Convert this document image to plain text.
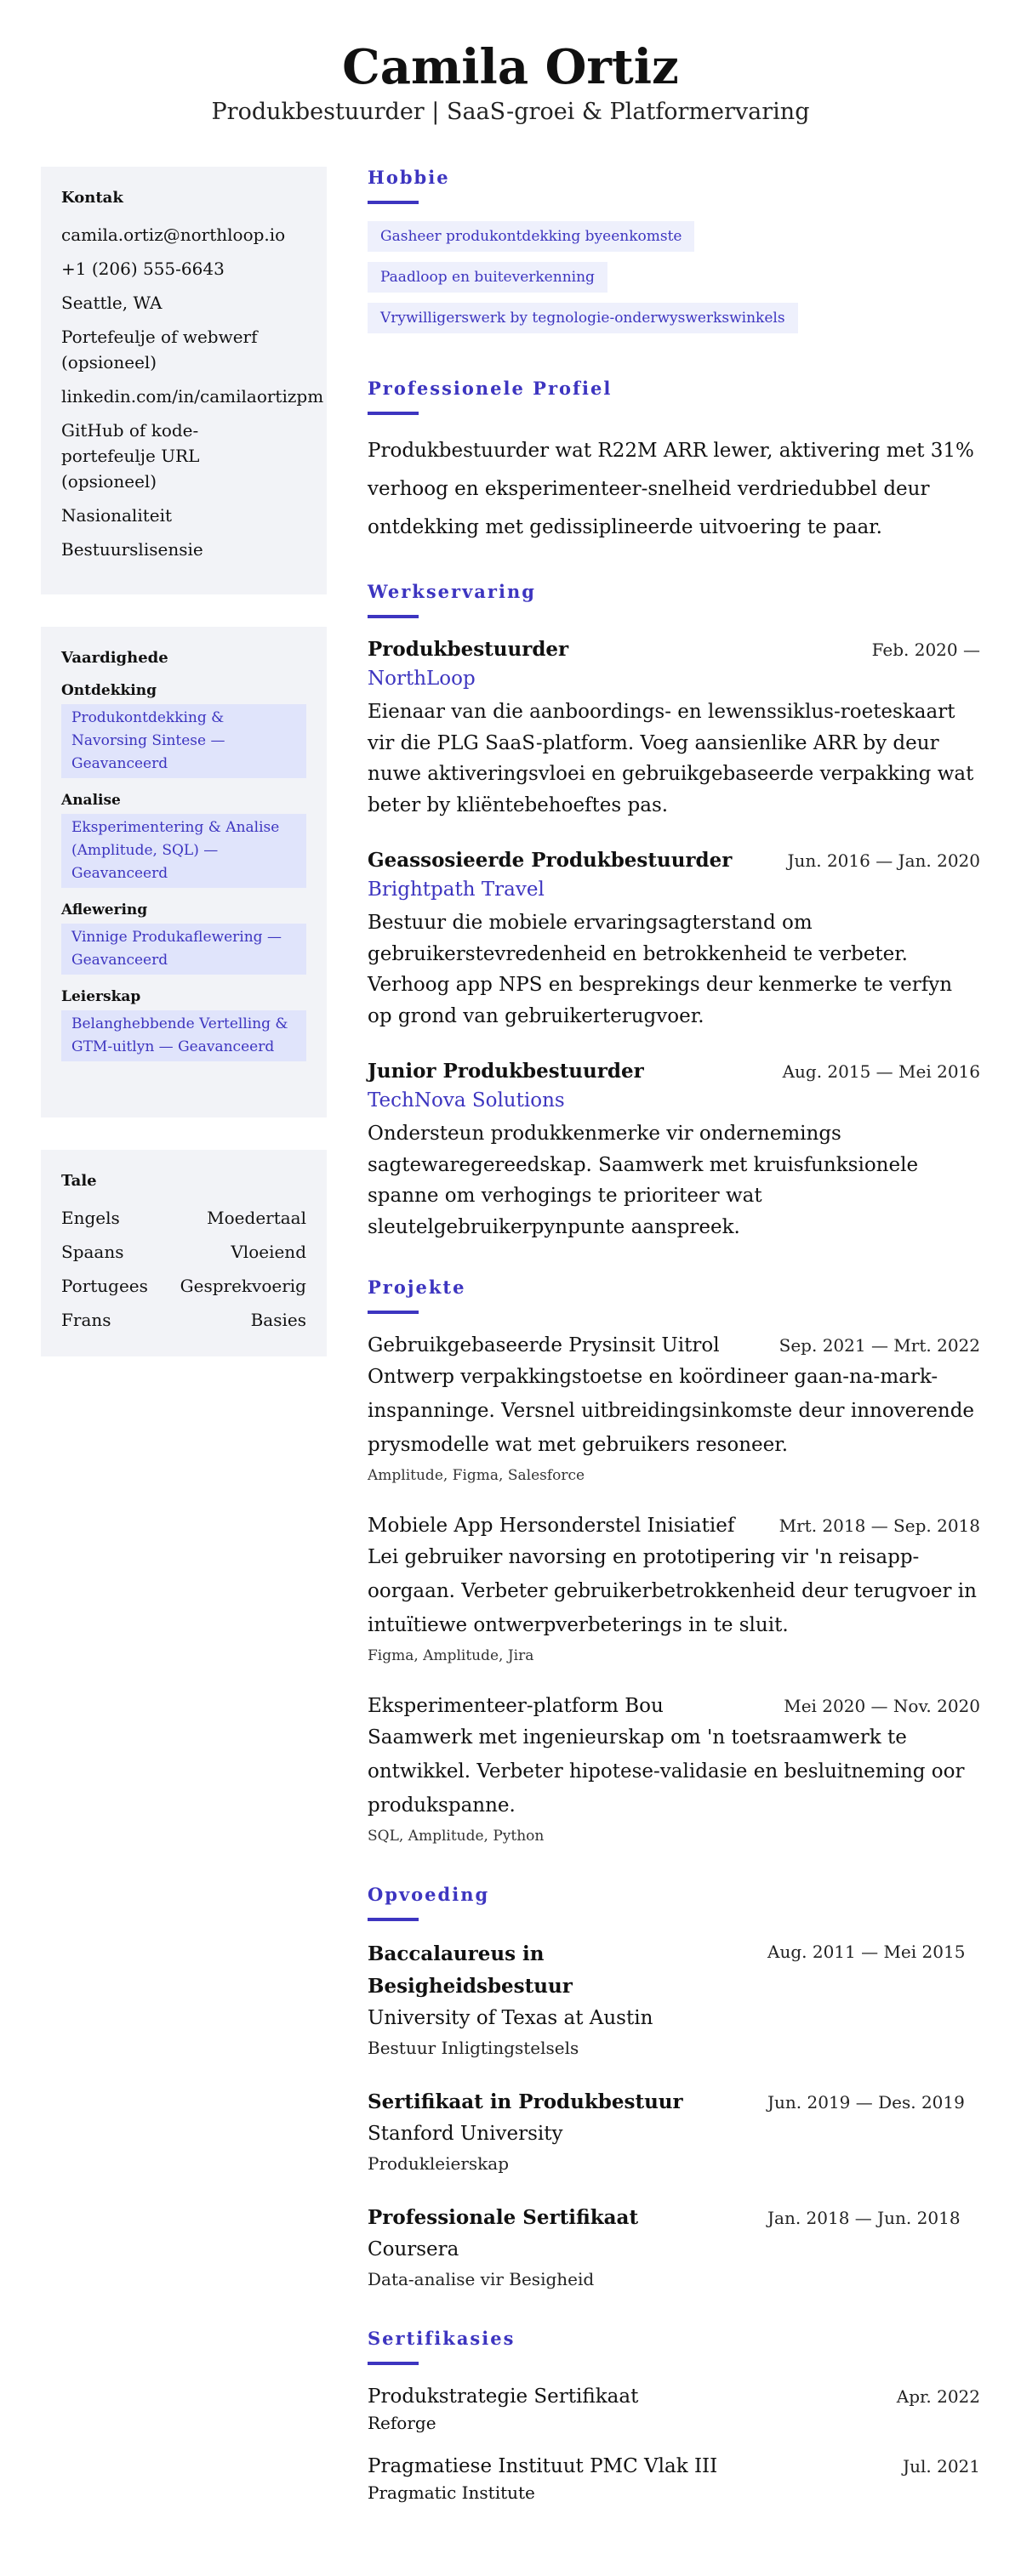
Camila Ortiz
Produkbestuurder | SaaS-groei & Platformervaring
Kontak
camila.ortiz@northloop.io
+1 (206) 555-6643
Seattle, WA
Portefeulje of webwerf (opsioneel)
linkedin.com/in/camilaortizpm
GitHub of kode-portefeulje URL (opsioneel)
Nasionaliteit
Bestuurslisensie
Vaardighede
Ontdekking
Produkontdekking & Navorsing Sintese — Geavanceerd
Analise
Eksperimentering & Analise (Amplitude, SQL) — Geavanceerd
Aflewering
Vinnige Produkaflewering — Geavanceerd
Leierskap
Belanghebbende Vertelling & GTM-uitlyn — Geavanceerd
Tale
Engels	Moedertaal
Spaans	Vloeiend
Portugees Gesprekvoerig
Frans	Basies
Hobbie
Gasheer produkontdekking byeenkomste
Paadloop en buiteverkenning
Vrywilligerswerk by tegnologie-onderwyswerkswinkels
Professionele Profiel

Produkbestuurder wat R22M ARR lewer, aktivering met 31% verhoog en eksperimenteer-snelheid verdriedubbel deur ontdekking met gedissiplineerde uitvoering te paar.

Werkservaring
Produkbestuurder	Feb. 2020 —
NorthLoop

Eienaar van die aanboordings- en lewenssiklus-roeteskaart vir die PLG SaaS-platform. Voeg aansienlike ARR by deur nuwe aktiveringsvloei en gebruikgebaseerde verpakking wat beter by kliëntebehoeftes pas.

Geassosieerde Produkbestuurder	Jun. 2016 — Jan. 2020
Brightpath Travel

Bestuur die mobiele ervaringsagterstand om gebruikerstevredenheid en betrokkenheid te verbeter. Verhoog app NPS en besprekings deur kenmerke te verfyn op grond van gebruikerterugvoer.

Junior Produkbestuurder	Aug. 2015 — Mei 2016
TechNova Solutions

Ondersteun produkkenmerke vir ondernemings sagtewaregereedskap. Saamwerk met kruisfunksionele spanne om verhogings te prioriteer wat sleutelgebruikerpynpunte aanspreek.

Projekte
Gebruikgebaseerde Prysinsit Uitrol	Sep. 2021 — Mrt. 2022

Ontwerp verpakkingstoetse en koördineer gaan-na-mark-inspanninge. Versnel uitbreidingsinkomste deur innoverende prysmodelle wat met gebruikers resoneer.

Amplitude, Figma, Salesforce
Mobiele App Hersonderstel Inisiatief	Mrt. 2018 — Sep. 2018

Lei gebruiker navorsing en prototipering vir 'n reisapp-oorgaan. Verbeter gebruikerbetrokkenheid deur terugvoer in intuïtiewe ontwerpverbeterings in te sluit.

Figma, Amplitude, Jira
Eksperimenteer-platform Bou	Mei 2020 — Nov. 2020

Saamwerk met ingenieurskap om 'n toetsraamwerk te ontwikkel. Verbeter hipotese-validasie en besluitneming oor produkspanne.

SQL, Amplitude, Python
Opvoeding
Baccalaureus in Besigheidsbestuur
Aug. 2011 — Mei 2015
University of Texas at Austin
Bestuur Inligtingstelsels
Sertifikaat in Produkbestuur	Jun. 2019 — Des. 2019
Stanford University
Produkleierskap
Professionale Sertifikaat	Jan. 2018 — Jun. 2018
Coursera
Data-analise vir Besigheid
Sertifikasies
Produkstrategie Sertifikaat	Apr. 2022
Reforge
Pragmatiese Instituut PMC Vlak III	Jul. 2021
Pragmatic Institute
